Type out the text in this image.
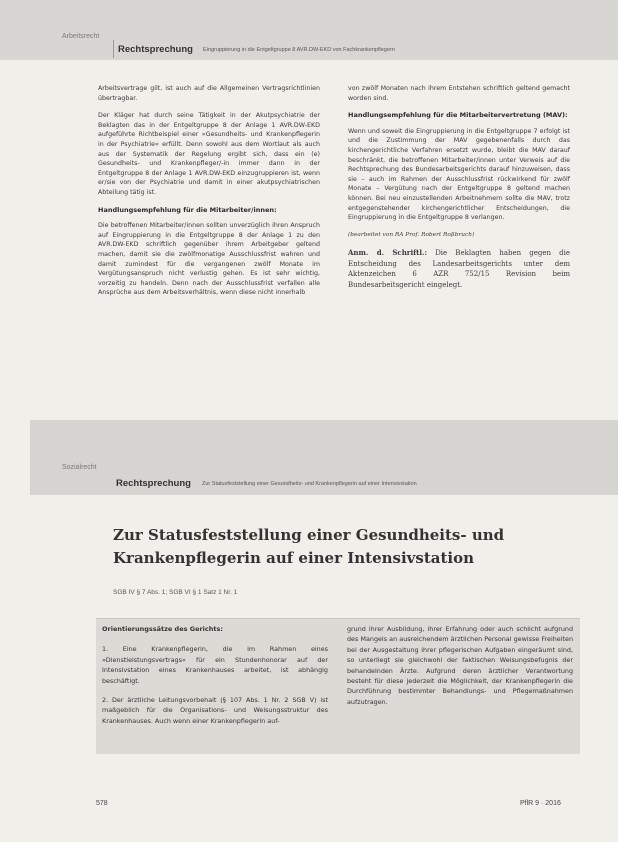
Arbeitsrecht
Rechtsprechung Eingruppierung in die Entgeltgruppe 8 AVR.DW-EKD von Fachkrankenpflegern

Arbeitsvertrage gilt, ist auch auf die Allgemeinen Vertragsrichtlinien übertragbar.

Der Kläger hat durch seine Tätigkeit in der Akutpsychiatrie der Beklagten das in der Entgeltgruppe 8 der Anlage 1 AVR.DW-EKD aufgeführte Richtbeispiel einer »Gesundheits- und Krankenpflegerin in der Psychiatrie« erfüllt. Denn sowohl aus dem Wortlaut als auch aus der Systematik der Regelung ergibt sich, dass ein (e) Gesundheits- und Krankenpfleger/-in immer dann in der Entgeltgruppe 8 der Anlage 1 AVR.DW-EKD einzugruppieren ist, wenn er/sie von der Psychiatrie und damit in einer akutpsychiatrischen Abteilung tätig ist.

Handlungsempfehlung für die Mitarbeiter/innen:

Die betroffenen Mitarbeiter/innen sollten unverzüglich ihren Anspruch auf Eingruppierung in die Entgeltgruppe 8 der Anlage 1 zu den AVR.DW-EKD schriftlich gegenüber ihrem Arbeitgeber geltend machen, damit sie die zwölfmonatige Ausschlussfrist wahren und damit zumindest für die vergangenen zwölf Monate im Vergütungsanspruch nicht verlustig gehen. Es ist sehr wichtig, vorzeitig zu handeln. Denn nach der Ausschlussfrist verfallen alle Ansprüche aus dem Arbeitsverhältnis, wenn diese nicht innerhalb

von zwölf Monaten nach ihrem Entstehen schriftlich geltend gemacht worden sind.

Handlungsempfehlung für die Mitarbeitervertretung (MAV):

Wenn und soweit die Eingruppierung in die Entgeltgruppe 7 erfolgt ist und die Zustimmung der MAV gegebenenfalls durch das kirchengerichtliche Verfahren ersetzt wurde, bleibt die MAV darauf beschränkt, die betroffenen Mitarbeiter/innen unter Verweis auf die Rechtsprechung des Bundesarbeitsgerichts darauf hinzuweisen, dass sie – auch im Rahmen der Ausschlussfrist rückwirkend für zwölf Monate – Vergütung nach der Entgeltgruppe 8 geltend machen können. Bei neu einzustellenden Arbeitnehmern sollte die MAV, trotz entgegenstehender kirchengerichtlicher Entscheidungen, die Eingruppierung in die Entgeltgruppe 8 verlangen.

(bearbeitet von RA Prof. Robert Roßbruch)

Anm. d. Schriftl.: Die Beklagten haben gegen die Entscheidung des Landesarbeitsgerichts unter dem Aktenzeichen 6 AZR 752/15 Revision beim Bundesarbeitsgericht eingelegt.

Sozialrecht
Rechtsprechung Zur Statusfeststellung einer Gesundheits- und Krankenpflegerin auf einer Intensivstation
Zur Statusfeststellung einer Gesundheits- und Krankenpflegerin auf einer Intensivstation
SGB IV § 7 Abs. 1; SGB VI § 1 Satz 1 Nr. 1
Orientierungssätze des Gerichts:

1. Eine Krankenpflegerin, die im Rahmen eines »Dienstleistungsvertrags« für ein Stundenhonorar auf der Intensivstation eines Krankenhauses arbeitet, ist abhängig beschäftigt.

2. Der ärztliche Leitungsvorbehalt (§ 107 Abs. 1 Nr. 2 SGB V) ist maßgeblich für die Organisations- und Weisungsstruktur des Krankenhauses. Auch wenn einer Krankenpflegerin auf-

grund ihrer Ausbildung, ihrer Erfahrung oder auch schlicht aufgrund des Mangels an ausreichendem ärztlichen Personal gewisse Freiheiten bei der Ausgestaltung ihrer pflegerischen Aufgaben eingeräumt sind, so unterliegt sie gleichwohl der faktischen Weisungsbefugnis der behandelnden Ärzte. Aufgrund deren ärztlicher Verantwortung besteht für diese jederzeit die Möglichkeit, der Krankenpflegerin die Durchführung bestimmter Behandlungs- und Pflegemaßnahmen aufzutragen.

578	PflR 9 · 2016
